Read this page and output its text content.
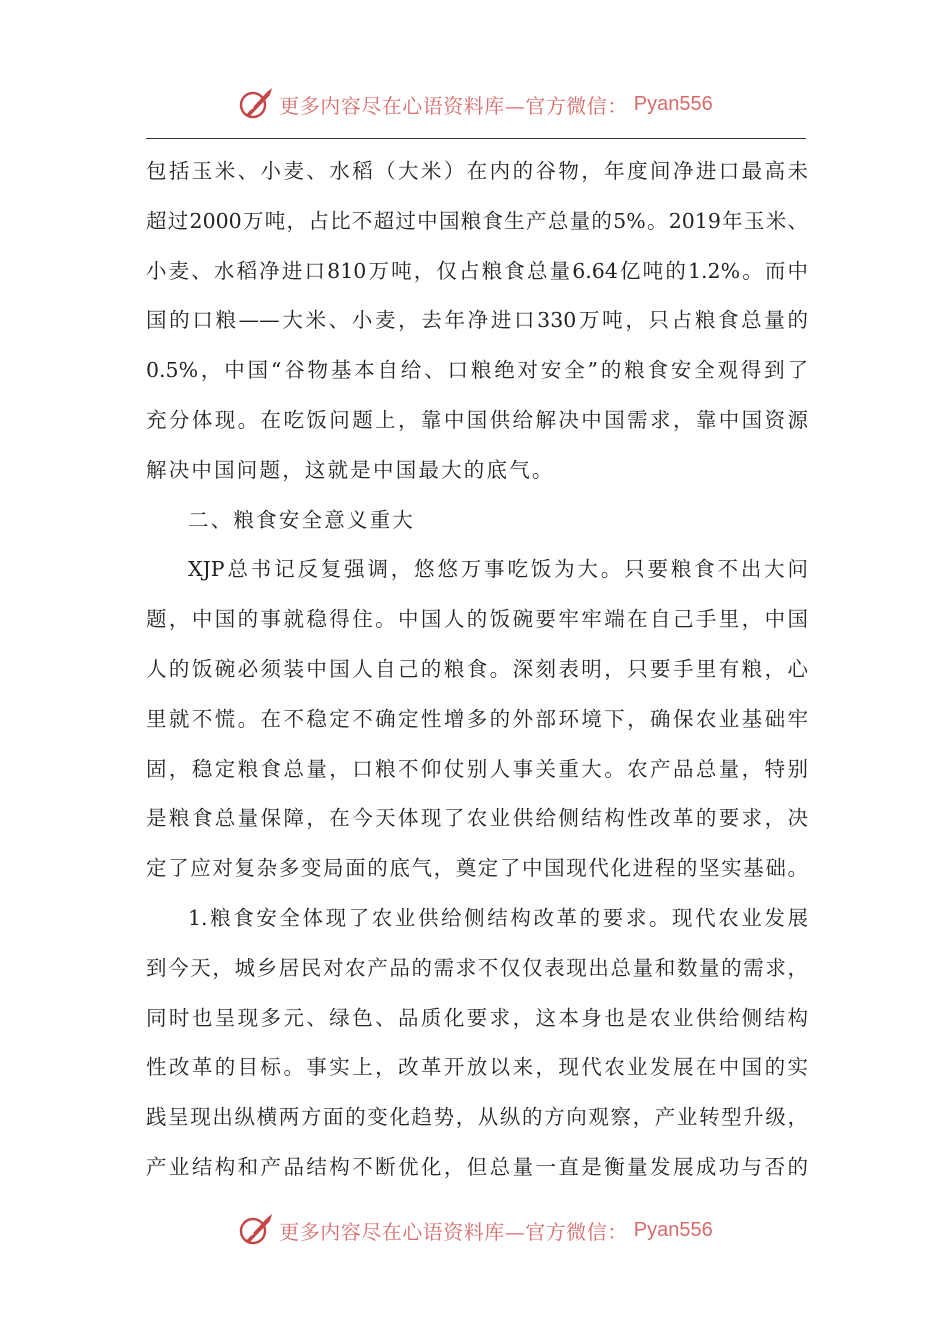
更多内容尽在心语资料库—官方微信： Pyan556
包括玉米、小麦、水稻（大米）在内的谷物，年度间净进口最高未
超过2000万吨，占比不超过中国粮食生产总量的5%。2019年玉米、
小麦、水稻净进口810万吨，仅占粮食总量6.64亿吨的1.2%。而中
国的口粮——大米、小麦，去年净进口330万吨，只占粮食总量的
0.5%，中国“谷物基本自给、口粮绝对安全”的粮食安全观得到了
充分体现。在吃饭问题上，靠中国供给解决中国需求，靠中国资源
解决中国问题，这就是中国最大的底气。
二、粮食安全意义重大
XJP总书记反复强调，悠悠万事吃饭为大。只要粮食不出大问
题，中国的事就稳得住。中国人的饭碗要牢牢端在自己手里，中国
人的饭碗必须装中国人自己的粮食。深刻表明，只要手里有粮，心
里就不慌。在不稳定不确定性增多的外部环境下，确保农业基础牢
固，稳定粮食总量，口粮不仰仗别人事关重大。农产品总量，特别
是粮食总量保障，在今天体现了农业供给侧结构性改革的要求，决
定了应对复杂多变局面的底气，奠定了中国现代化进程的坚实基础。
1.粮食安全体现了农业供给侧结构改革的要求。现代农业发展
到今天，城乡居民对农产品的需求不仅仅表现出总量和数量的需求，
同时也呈现多元、绿色、品质化要求，这本身也是农业供给侧结构
性改革的目标。事实上，改革开放以来，现代农业发展在中国的实
践呈现出纵横两方面的变化趋势，从纵的方向观察，产业转型升级，
产业结构和产品结构不断优化，但总量一直是衡量发展成功与否的
更多内容尽在心语资料库—官方微信： Pyan556
